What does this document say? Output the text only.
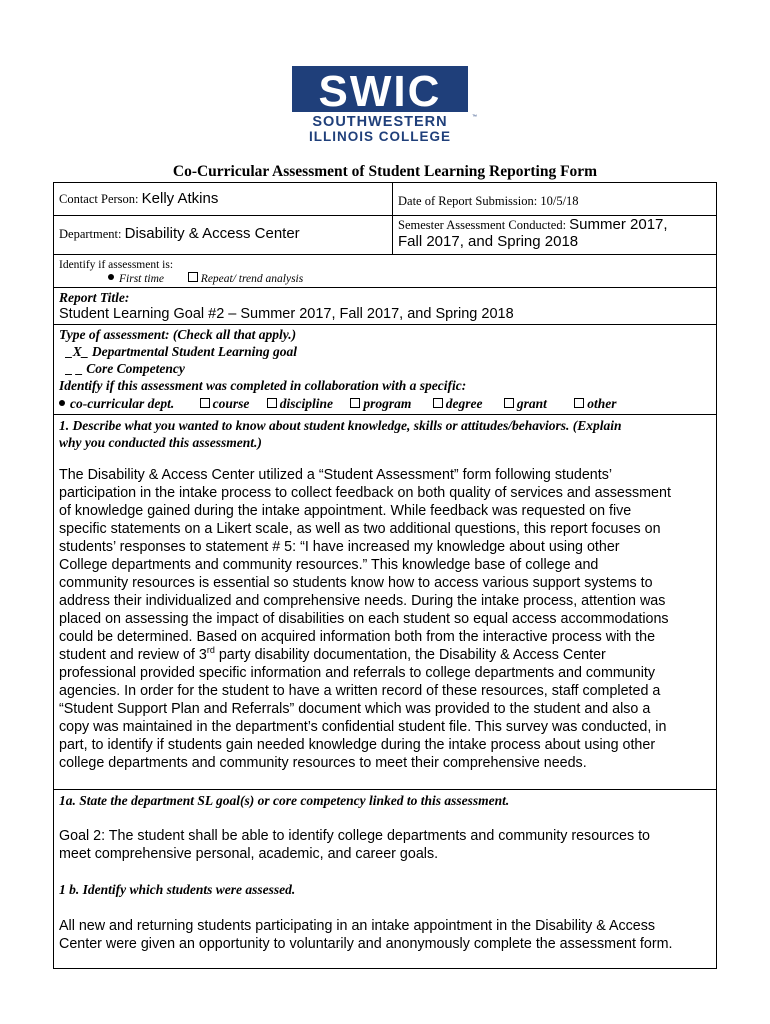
SWIC
SOUTHWESTERN
ILLINOIS COLLEGE
™
Co-Curricular Assessment of Student Learning Reporting Form
Contact Person: Kelly Atkins	Date of Report Submission: 10/5/18
Department: Disability & Access Center	Semester Assessment Conducted: Summer 2017,
Fall 2017, and Spring 2018
Identify if assessment is:
First time	Repeat/ trend analysis
Report Title:
Student Learning Goal #2 – Summer 2017, Fall 2017, and Spring 2018
Type of assessment: (Check all that apply.)
_X_ Departmental Student Learning goal
_ _ Core Competency
Identify if this assessment was completed in collaboration with a specific:
co-curricular dept.	course discipline program	degree	grant	other
1. Describe what you wanted to know about student knowledge, skills or attitudes/behaviors. (Explain
why you conducted this assessment.)
The Disability & Access Center utilized a “Student Assessment” form following students’
participation in the intake process to collect feedback on both quality of services and assessment
of knowledge gained during the intake appointment. While feedback was requested on five
specific statements on a Likert scale, as well as two additional questions, this report focuses on
students’ responses to statement # 5: “I have increased my knowledge about using other
College departments and community resources.” This knowledge base of college and
community resources is essential so students know how to access various support systems to
address their individualized and comprehensive needs. During the intake process, attention was
placed on assessing the impact of disabilities on each student so equal access accommodations
could be determined. Based on acquired information both from the interactive process with the
student and review of 3rd party disability documentation, the Disability & Access Center
professional provided specific information and referrals to college departments and community
agencies. In order for the student to have a written record of these resources, staff completed a
“Student Support Plan and Referrals” document which was provided to the student and also a
copy was maintained in the department’s confidential student file. This survey was conducted, in
part, to identify if students gain needed knowledge during the intake process about using other
college departments and community resources to meet their comprehensive needs.
1a. State the department SL goal(s) or core competency linked to this assessment.
Goal 2: The student shall be able to identify college departments and community resources to
meet comprehensive personal, academic, and career goals.
1 b. Identify which students were assessed.
All new and returning students participating in an intake appointment in the Disability & Access
Center were given an opportunity to voluntarily and anonymously complete the assessment form.
